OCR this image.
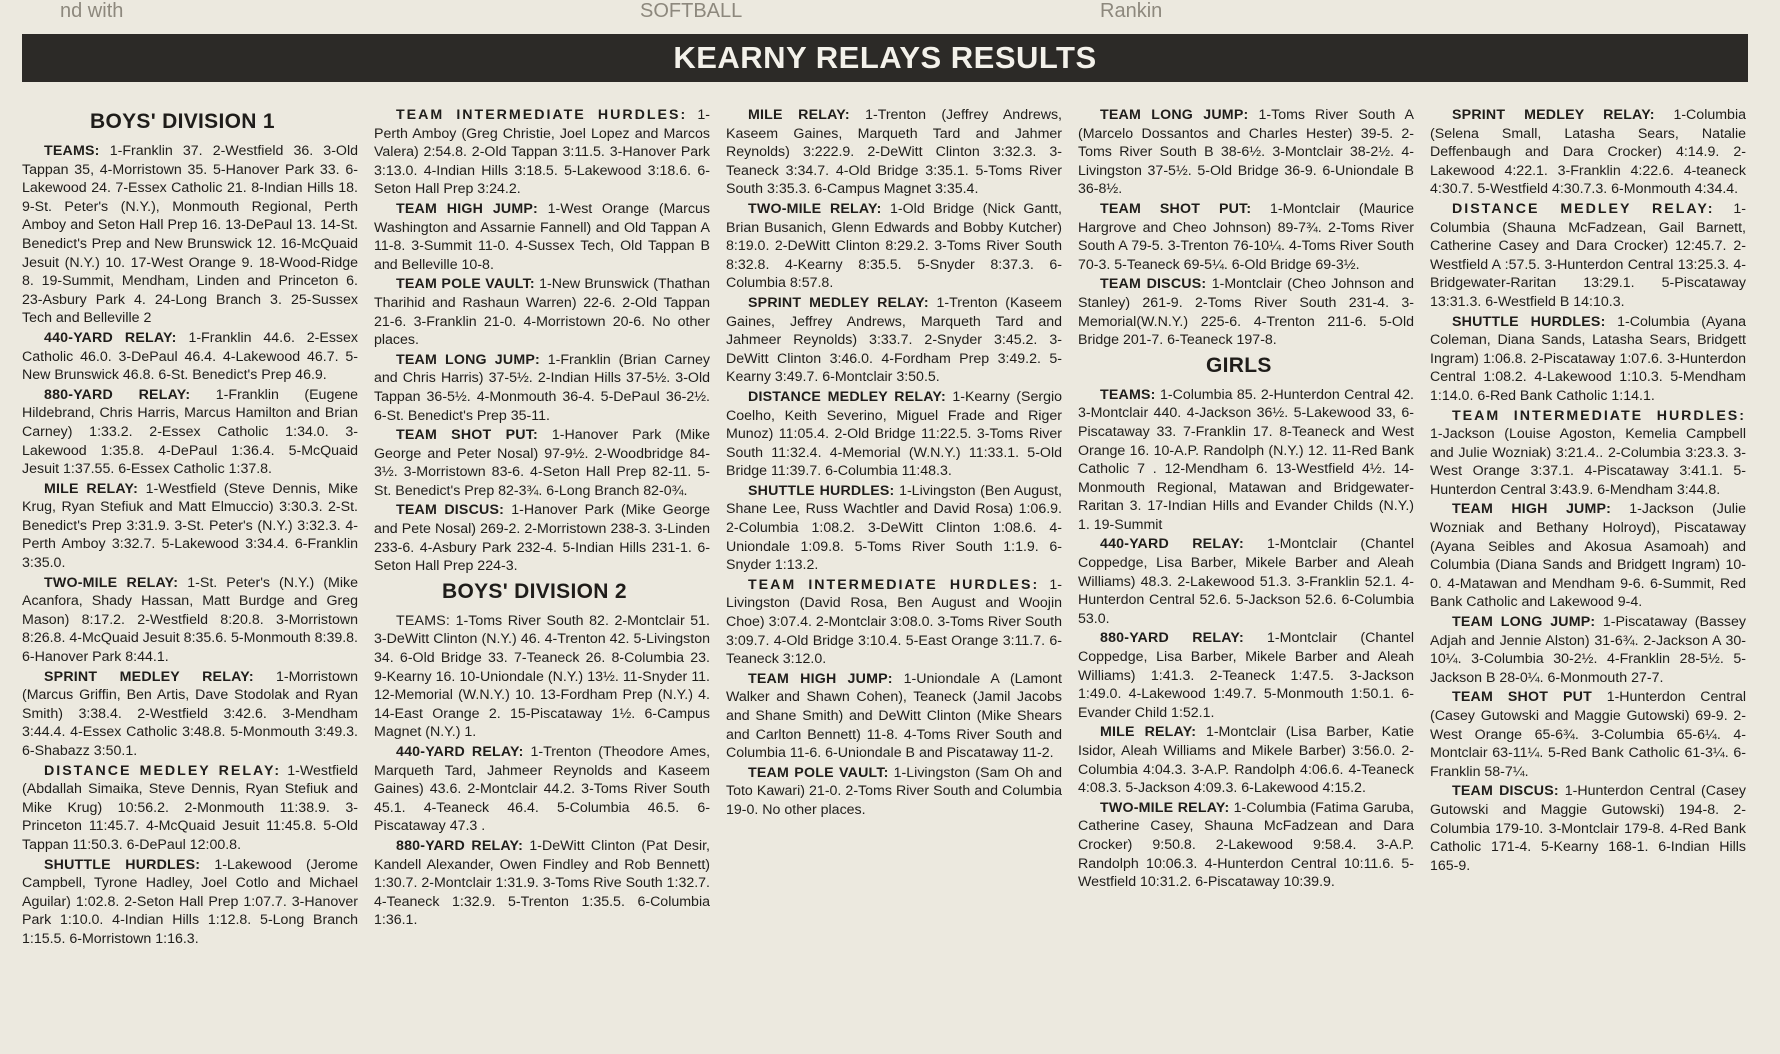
nd with	SOFTBALL	Rankin
KEARNY RELAYS RESULTS
BOYS' DIVISION 1

TEAMS: 1-Franklin 37. 2-Westfield 36. 3-Old Tappan 35, 4-Morristown 35. 5-Hanover Park 33. 6-Lakewood 24. 7-Essex Catholic 21. 8-Indian Hills 18. 9-St. Peter's (N.Y.), Monmouth Regional, Perth Amboy and Seton Hall Prep 16. 13-DePaul 13. 14-St. Benedict's Prep and New Brunswick 12. 16-McQuaid Jesuit (N.Y.) 10. 17-West Orange 9. 18-Wood-Ridge 8. 19-Summit, Mendham, Linden and Princeton 6. 23-Asbury Park 4. 24-Long Branch 3. 25-Sussex Tech and Belleville 2

440-YARD RELAY: 1-Franklin 44.6. 2-Essex Catholic 46.0. 3-DePaul 46.4. 4-Lakewood 46.7. 5-New Brunswick 46.8. 6-St. Benedict's Prep 46.9.

880-YARD RELAY: 1-Franklin (Eugene Hildebrand, Chris Harris, Marcus Hamilton and Brian Carney) 1:33.2. 2-Essex Catholic 1:34.0. 3-Lakewood 1:35.8. 4-DePaul 1:36.4. 5-McQuaid Jesuit 1:37.55. 6-Essex Catholic 1:37.8.

MILE RELAY: 1-Westfield (Steve Dennis, Mike Krug, Ryan Stefiuk and Matt Elmuccio) 3:30.3. 2-St. Benedict's Prep 3:31.9. 3-St. Peter's (N.Y.) 3:32.3. 4-Perth Amboy 3:32.7. 5-Lakewood 3:34.4. 6-Franklin 3:35.0.

TWO-MILE RELAY: 1-St. Peter's (N.Y.) (Mike Acanfora, Shady Hassan, Matt Burdge and Greg Mason) 8:17.2. 2-Westfield 8:20.8. 3-Morristown 8:26.8. 4-McQuaid Jesuit 8:35.6. 5-Monmouth 8:39.8. 6-Hanover Park 8:44.1.

SPRINT MEDLEY RELAY: 1-Morristown (Marcus Griffin, Ben Artis, Dave Stodolak and Ryan Smith) 3:38.4. 2-Westfield 3:42.6. 3-Mendham 3:44.4. 4-Essex Catholic 3:48.8. 5-Monmouth 3:49.3. 6-Shabazz 3:50.1.

DISTANCE MEDLEY RELAY: 1-Westfield (Abdallah Simaika, Steve Dennis, Ryan Stefiuk and Mike Krug) 10:56.2. 2-Monmouth 11:38.9. 3-Princeton 11:45.7. 4-McQuaid Jesuit 11:45.8. 5-Old Tappan 11:50.3. 6-DePaul 12:00.8.

SHUTTLE HURDLES: 1-Lakewood (Jerome Campbell, Tyrone Hadley, Joel Cotlo and Michael Aguilar) 1:02.8. 2-Seton Hall Prep 1:07.7. 3-Hanover Park 1:10.0. 4-Indian Hills 1:12.8. 5-Long Branch 1:15.5. 6-Morristown 1:16.3.

TEAM INTERMEDIATE HURDLES: 1-Perth Amboy (Greg Christie, Joel Lopez and Marcos Valera) 2:54.8. 2-Old Tappan 3:11.5. 3-Hanover Park 3:13.0. 4-Indian Hills 3:18.5. 5-Lakewood 3:18.6. 6-Seton Hall Prep 3:24.2.

TEAM HIGH JUMP: 1-West Orange (Marcus Washington and Assarnie Fannell) and Old Tappan A 11-8. 3-Summit 11-0. 4-Sussex Tech, Old Tappan B and Belleville 10-8.

TEAM POLE VAULT: 1-New Brunswick (Thathan Tharihid and Rashaun Warren) 22-6. 2-Old Tappan 21-6. 3-Franklin 21-0. 4-Morristown 20-6. No other places.

TEAM LONG JUMP: 1-Franklin (Brian Carney and Chris Harris) 37-5½. 2-Indian Hills 37-5½. 3-Old Tappan 36-5½. 4-Monmouth 36-4. 5-DePaul 36-2½. 6-St. Benedict's Prep 35-11.

TEAM SHOT PUT: 1-Hanover Park (Mike George and Peter Nosal) 97-9½. 2-Woodbridge 84-3½. 3-Morristown 83-6. 4-Seton Hall Prep 82-11. 5-St. Benedict's Prep 82-3¾. 6-Long Branch 82-0¾.

TEAM DISCUS: 1-Hanover Park (Mike George and Pete Nosal) 269-2. 2-Morristown 238-3. 3-Linden 233-6. 4-Asbury Park 232-4. 5-Indian Hills 231-1. 6-Seton Hall Prep 224-3.

BOYS' DIVISION 2

TEAMS: 1-Toms River South 82. 2-Montclair 51. 3-DeWitt Clinton (N.Y.) 46. 4-Trenton 42. 5-Livingston 34. 6-Old Bridge 33. 7-Teaneck 26. 8-Columbia 23. 9-Kearny 16. 10-Uniondale (N.Y.) 13½. 11-Snyder 11. 12-Memorial (W.N.Y.) 10. 13-Fordham Prep (N.Y.) 4. 14-East Orange 2. 15-Piscataway 1½. 6-Campus Magnet (N.Y.) 1.

440-YARD RELAY: 1-Trenton (Theodore Ames, Marqueth Tard, Jahmeer Reynolds and Kaseem Gaines) 43.6. 2-Montclair 44.2. 3-Toms River South 45.1. 4-Teaneck 46.4. 5-Columbia 46.5. 6-Piscataway 47.3 .

880-YARD RELAY: 1-DeWitt Clinton (Pat Desir, Kandell Alexander, Owen Findley and Rob Bennett) 1:30.7. 2-Montclair 1:31.9. 3-Toms Rive South 1:32.7. 4-Teaneck 1:32.9. 5-Trenton 1:35.5. 6-Columbia 1:36.1.

MILE RELAY: 1-Trenton (Jeffrey Andrews, Kaseem Gaines, Marqueth Tard and Jahmer Reynolds) 3:222.9. 2-DeWitt Clinton 3:32.3. 3-Teaneck 3:34.7. 4-Old Bridge 3:35.1. 5-Toms River South 3:35.3. 6-Campus Magnet 3:35.4.

TWO-MILE RELAY: 1-Old Bridge (Nick Gantt, Brian Busanich, Glenn Edwards and Bobby Kutcher) 8:19.0. 2-DeWitt Clinton 8:29.2. 3-Toms River South 8:32.8. 4-Kearny 8:35.5. 5-Snyder 8:37.3. 6-Columbia 8:57.8.

SPRINT MEDLEY RELAY: 1-Trenton (Kaseem Gaines, Jeffrey Andrews, Marqueth Tard and Jahmeer Reynolds) 3:33.7. 2-Snyder 3:45.2. 3-DeWitt Clinton 3:46.0. 4-Fordham Prep 3:49.2. 5-Kearny 3:49.7. 6-Montclair 3:50.5.

DISTANCE MEDLEY RELAY: 1-Kearny (Sergio Coelho, Keith Severino, Miguel Frade and Riger Munoz) 11:05.4. 2-Old Bridge 11:22.5. 3-Toms River South 11:32.4. 4-Memorial (W.N.Y.) 11:33.1. 5-Old Bridge 11:39.7. 6-Columbia 11:48.3.

SHUTTLE HURDLES: 1-Livingston (Ben August, Shane Lee, Russ Wachtler and David Rosa) 1:06.9. 2-Columbia 1:08.2. 3-DeWitt Clinton 1:08.6. 4-Uniondale 1:09.8. 5-Toms River South 1:1.9. 6-Snyder 1:13.2.

TEAM INTERMEDIATE HURDLES: 1-Livingston (David Rosa, Ben August and Woojin Choe) 3:07.4. 2-Montclair 3:08.0. 3-Toms River South 3:09.7. 4-Old Bridge 3:10.4. 5-East Orange 3:11.7. 6-Teaneck 3:12.0.

TEAM HIGH JUMP: 1-Uniondale A (Lamont Walker and Shawn Cohen), Teaneck (Jamil Jacobs and Shane Smith) and DeWitt Clinton (Mike Shears and Carlton Bennett) 11-8. 4-Toms River South and Columbia 11-6. 6-Uniondale B and Piscataway 11-2.

TEAM POLE VAULT: 1-Livingston (Sam Oh and Toto Kawari) 21-0. 2-Toms River South and Columbia 19-0. No other places.

TEAM LONG JUMP: 1-Toms River South A (Marcelo Dossantos and Charles Hester) 39-5. 2-Toms River South B 38-6½. 3-Montclair 38-2½. 4-Livingston 37-5½. 5-Old Bridge 36-9. 6-Uniondale B 36-8½.

TEAM SHOT PUT: 1-Montclair (Maurice Hargrove and Cheo Johnson) 89-7¾. 2-Toms River South A 79-5. 3-Trenton 76-10¼. 4-Toms River South 70-3. 5-Teaneck 69-5¼. 6-Old Bridge 69-3½.

TEAM DISCUS: 1-Montclair (Cheo Johnson and Stanley) 261-9. 2-Toms River South 231-4. 3-Memorial(W.N.Y.) 225-6. 4-Trenton 211-6. 5-Old Bridge 201-7. 6-Teaneck 197-8.

GIRLS

TEAMS: 1-Columbia 85. 2-Hunterdon Central 42. 3-Montclair 440. 4-Jackson 36½. 5-Lakewood 33, 6-Piscataway 33. 7-Franklin 17. 8-Teaneck and West Orange 16. 10-A.P. Randolph (N.Y.) 12. 11-Red Bank Catholic 7 . 12-Mendham 6. 13-Westfield 4½. 14-Monmouth Regional, Matawan and Bridgewater-Raritan 3. 17-Indian Hills and Evander Childs (N.Y.) 1. 19-Summit

440-YARD RELAY: 1-Montclair (Chantel Coppedge, Lisa Barber, Mikele Barber and Aleah Williams) 48.3. 2-Lakewood 51.3. 3-Franklin 52.1. 4-Hunterdon Central 52.6. 5-Jackson 52.6. 6-Columbia 53.0.

880-YARD RELAY: 1-Montclair (Chantel Coppedge, Lisa Barber, Mikele Barber and Aleah Williams) 1:41.3. 2-Teaneck 1:47.5. 3-Jackson 1:49.0. 4-Lakewood 1:49.7. 5-Monmouth 1:50.1. 6-Evander Child 1:52.1.

MILE RELAY: 1-Montclair (Lisa Barber, Katie Isidor, Aleah Williams and Mikele Barber) 3:56.0. 2-Columbia 4:04.3. 3-A.P. Randolph 4:06.6. 4-Teaneck 4:08.3. 5-Jackson 4:09.3. 6-Lakewood 4:15.2.

TWO-MILE RELAY: 1-Columbia (Fatima Garuba, Catherine Casey, Shauna McFadzean and Dara Crocker) 9:50.8. 2-Lakewood 9:58.4. 3-A.P. Randolph 10:06.3. 4-Hunterdon Central 10:11.6. 5-Westfield 10:31.2. 6-Piscataway 10:39.9.

SPRINT MEDLEY RELAY: 1-Columbia (Selena Small, Latasha Sears, Natalie Deffenbaugh and Dara Crocker) 4:14.9. 2-Lakewood 4:22.1. 3-Franklin 4:22.6. 4-teaneck 4:30.7. 5-Westfield 4:30.7.3. 6-Monmouth 4:34.4.

DISTANCE MEDLEY RELAY: 1-Columbia (Shauna McFadzean, Gail Barnett, Catherine Casey and Dara Crocker) 12:45.7. 2-Westfield A :57.5. 3-Hunterdon Central 13:25.3. 4-Bridgewater-Raritan 13:29.1. 5-Piscataway 13:31.3. 6-Westfield B 14:10.3.

SHUTTLE HURDLES: 1-Columbia (Ayana Coleman, Diana Sands, Latasha Sears, Bridgett Ingram) 1:06.8. 2-Piscataway 1:07.6. 3-Hunterdon Central 1:08.2. 4-Lakewood 1:10.3. 5-Mendham 1:14.0. 6-Red Bank Catholic 1:14.1.

TEAM INTERMEDIATE HURDLES: 1-Jackson (Louise Agoston, Kemelia Campbell and Julie Wozniak) 3:21.4.. 2-Columbia 3:23.3. 3-West Orange 3:37.1. 4-Piscataway 3:41.1. 5-Hunterdon Central 3:43.9. 6-Mendham 3:44.8.

TEAM HIGH JUMP: 1-Jackson (Julie Wozniak and Bethany Holroyd), Piscataway (Ayana Seibles and Akosua Asamoah) and Columbia (Diana Sands and Bridgett Ingram) 10-0. 4-Matawan and Mendham 9-6. 6-Summit, Red Bank Catholic and Lakewood 9-4.

TEAM LONG JUMP: 1-Piscataway (Bassey Adjah and Jennie Alston) 31-6¾. 2-Jackson A 30-10¼. 3-Columbia 30-2½. 4-Franklin 28-5½. 5-Jackson B 28-0¼. 6-Monmouth 27-7.

TEAM SHOT PUT 1-Hunterdon Central (Casey Gutowski and Maggie Gutowski) 69-9. 2-West Orange 65-6¾. 3-Columbia 65-6¼. 4-Montclair 63-11¼. 5-Red Bank Catholic 61-3¼. 6-Franklin 58-7¼.

TEAM DISCUS: 1-Hunterdon Central (Casey Gutowski and Maggie Gutowski) 194-8. 2-Columbia 179-10. 3-Montclair 179-8. 4-Red Bank Catholic 171-4. 5-Kearny 168-1. 6-Indian Hills 165-9.
